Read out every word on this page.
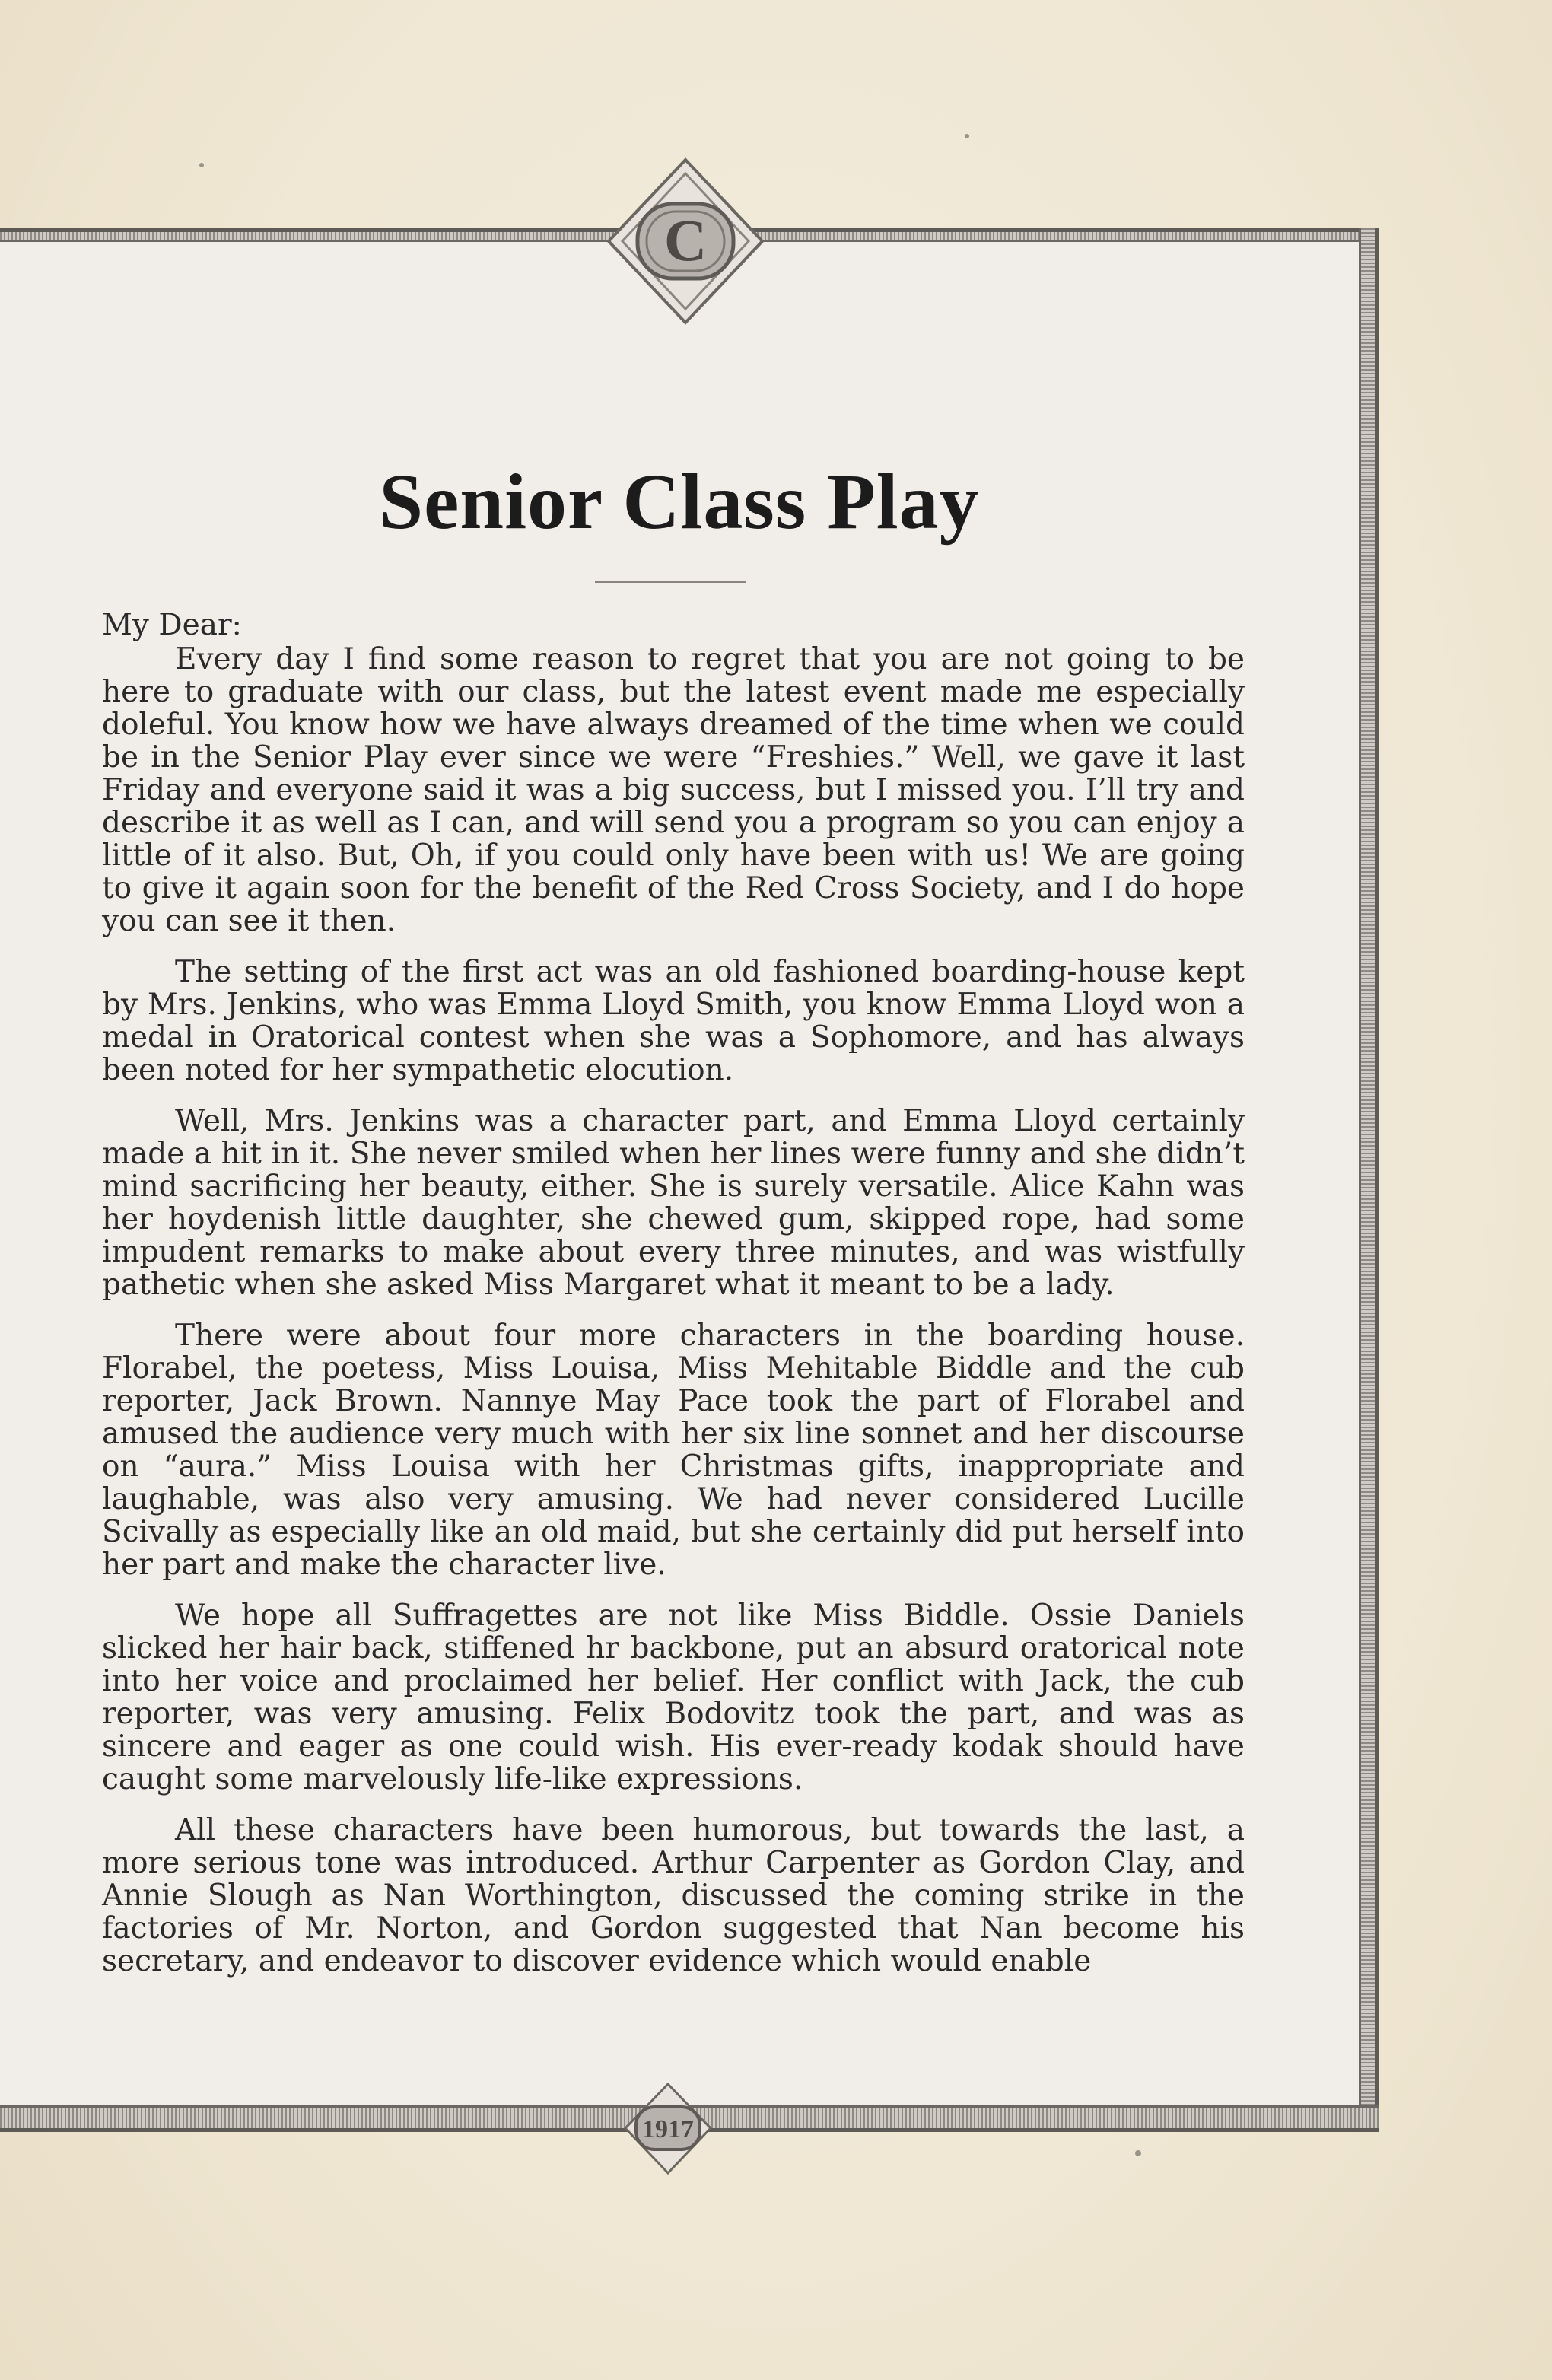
C
1917
Senior Class Play

My Dear:

Every day I find some reason to regret that you are not going to be here to graduate with our class, but the latest event made me especially doleful. You know how we have always dreamed of the time when we could be in the Senior Play ever since we were “Freshies.” Well, we gave it last Friday and everyone said it was a big success, but I missed you. I’ll try and describe it as well as I can, and will send you a program so you can enjoy a little of it also. But, Oh, if you could only have been with us! We are going to give it again soon for the benefit of the Red Cross Society, and I do hope you can see it then.

The setting of the first act was an old fashioned boarding-house kept by Mrs. Jenkins, who was Emma Lloyd Smith, you know Emma Lloyd won a medal in Oratorical contest when she was a Sophomore, and has always been noted for her sympathetic elocution.

Well, Mrs. Jenkins was a character part, and Emma Lloyd certainly made a hit in it. She never smiled when her lines were funny and she didn’t mind sacrificing her beauty, either. She is surely versatile. Alice Kahn was her hoydenish little daughter, she chewed gum, skipped rope, had some impudent remarks to make about every three minutes, and was wistfully pathetic when she asked Miss Margaret what it meant to be a lady.

There were about four more characters in the boarding house. Florabel, the poetess, Miss Louisa, Miss Mehitable Biddle and the cub reporter, Jack Brown. Nannye May Pace took the part of Florabel and amused the audience very much with her six line sonnet and her discourse on “aura.” Miss Louisa with her Christmas gifts, inappropriate and laughable, was also very amusing. We had never considered Lucille Scivally as especially like an old maid, but she certainly did put herself into her part and make the character live.

We hope all Suffragettes are not like Miss Biddle. Ossie Daniels slicked her hair back, stiffened hr backbone, put an absurd oratorical note into her voice and proclaimed her belief. Her conflict with Jack, the cub reporter, was very amusing. Felix Bodovitz took the part, and was as sincere and eager as one could wish. His ever-ready kodak should have caught some marvelously life-like expressions.

All these characters have been humorous, but towards the last, a more serious tone was introduced. Arthur Carpenter as Gordon Clay, and Annie Slough as Nan Worthington, discussed the coming strike in the factories of Mr. Norton, and Gordon suggested that Nan become his secretary, and endeavor to discover evidence which would enable
